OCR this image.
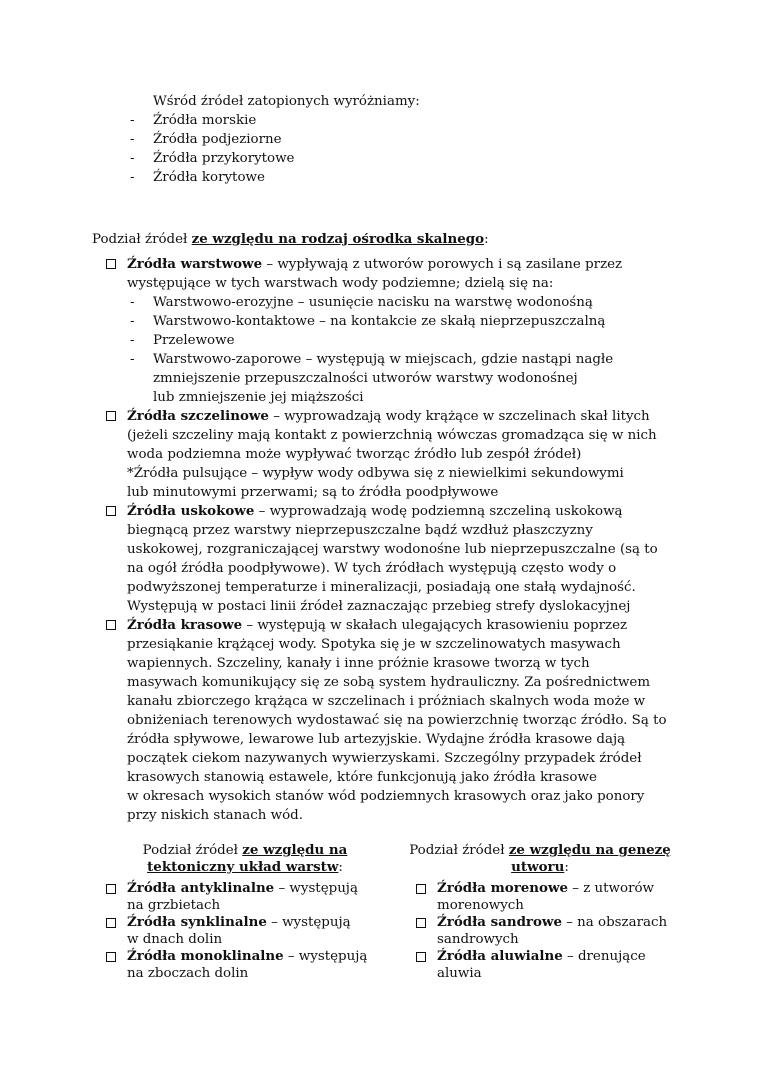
Wśród źródeł zatopionych wyróżniamy:
- Źródła morskie
- Źródła podjeziorne
- Źródła przykorytowe
- Źródła korytowe
Podział źródeł ze względu na rodzaj ośrodka skalnego:
Źródła warstwowe – wypływają z utworów porowych i są zasilane przez
występujące w tych warstwach wody podziemne; dzielą się na:
- Warstwowo-erozyjne – usunięcie nacisku na warstwę wodonośną
- Warstwowo-kontaktowe – na kontakcie ze skałą nieprzepuszczalną
- Przelewowe
- Warstwowo-zaporowe – występują w miejscach, gdzie nastąpi nagłe
zmniejszenie przepuszczalności utworów warstwy wodonośnej
lub zmniejszenie jej miąższości
Źródła szczelinowe – wyprowadzają wody krążące w szczelinach skał litych
(jeżeli szczeliny mają kontakt z powierzchnią wówczas gromadząca się w nich
woda podziemna może wypływać tworząc źródło lub zespół źródeł)
*Źródła pulsujące – wypływ wody odbywa się z niewielkimi sekundowymi
lub minutowymi przerwami; są to źródła poodpływowe
Źródła uskokowe – wyprowadzają wodę podziemną szczeliną uskokową
biegnącą przez warstwy nieprzepuszczalne bądź wzdłuż płaszczyzny
uskokowej, rozgraniczającej warstwy wodonośne lub nieprzepuszczalne (są to
na ogół źródła poodpływowe). W tych źródłach występują często wody o
podwyższonej temperaturze i mineralizacji, posiadają one stałą wydajność.
Występują w postaci linii źródeł zaznaczając przebieg strefy dyslokacyjnej
Źródła krasowe – występują w skałach ulegających krasowieniu poprzez
przesiąkanie krążącej wody. Spotyka się je w szczelinowatych masywach
wapiennych. Szczeliny, kanały i inne próżnie krasowe tworzą w tych
masywach komunikujący się ze sobą system hydrauliczny. Za pośrednictwem
kanału zbiorczego krążąca w szczelinach i próżniach skalnych woda może w
obniżeniach terenowych wydostawać się na powierzchnię tworząc źródło. Są to
źródła spływowe, lewarowe lub artezyjskie. Wydajne źródła krasowe dają
początek ciekom nazywanych wywierzyskami. Szczególny przypadek źródeł
krasowych stanowią estawele, które funkcjonują jako źródła krasowe
w okresach wysokich stanów wód podziemnych krasowych oraz jako ponory
przy niskich stanach wód.
Podział źródeł ze względu na
tektoniczny układ warstw:
Źródła antyklinalne – występują
na grzbietach
Źródła synklinalne – występują
w dnach dolin
Źródła monoklinalne – występują
na zboczach dolin
Podział źródeł ze względu na genezę
utworu:
Źródła morenowe – z utworów
morenowych
Źródła sandrowe – na obszarach
sandrowych
Źródła aluwialne – drenujące
aluwia
